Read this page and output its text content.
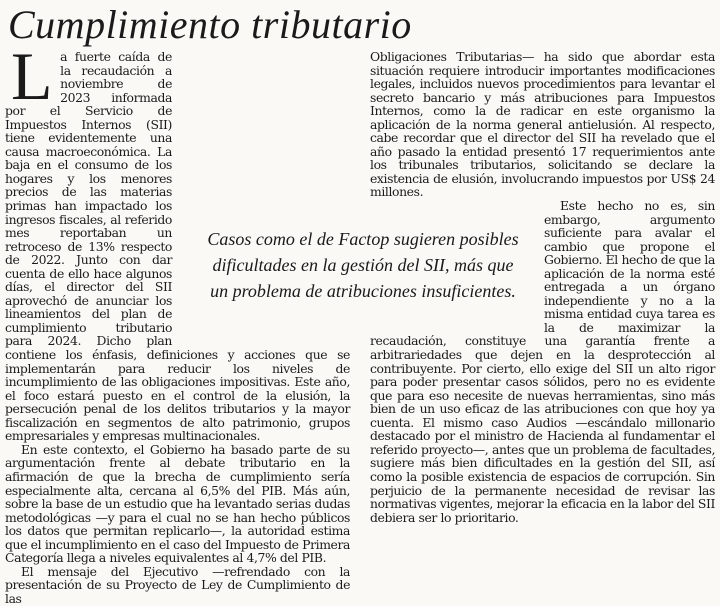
Cumplimiento tributario

La fuerte caída de la recaudación a noviembre de 2023 informada por el Servicio de Impuestos Internos (SII) tiene evidentemente una causa macroeconómica. La baja en el consumo de los hogares y los menores precios de las materias primas han impactado los ingresos fiscales, al referido mes reportaban un retroceso de 13% respecto de 2022. Junto con dar cuenta de ello hace algunos días, el director del SII aprovechó de anunciar los lineamientos del plan de cumplimiento tributario para 2024. Dicho plan contiene los énfasis, definiciones y acciones que se implementarán para reducir los niveles de incumplimiento de las obligaciones impositivas. Este año, el foco estará puesto en el control de la elusión, la persecución penal de los delitos tributarios y la mayor fiscalización en segmentos de alto patrimonio, grupos empresariales y empresas multinacionales.

En este contexto, el Gobierno ha basado parte de su argumentación frente al debate tributario en la afirmación de que la brecha de cumplimiento sería especialmente alta, cercana al 6,5% del PIB. Más aún, sobre la base de un estudio que ha levantado serias dudas metodológicas —y para el cual no se han hecho públicos los datos que permitan replicarlo—, la autoridad estima que el incumplimiento en el caso del Impuesto de Primera Categoría llega a niveles equivalentes al 4,7% del PIB.

El mensaje del Ejecutivo —refrendado con la presentación de su Proyecto de Ley de Cumplimiento de las

Obligaciones Tributarias— ha sido que abordar esta situación requiere introducir importantes modificaciones legales, incluidos nuevos procedimientos para levantar el secreto bancario y más atribuciones para Impuestos Internos, como la de radicar en este organismo la aplicación de la norma general antielusión. Al respecto, cabe recordar que el director del SII ha revelado que el año pasado la entidad presentó 17 requerimientos ante los tribunales tributarios, solicitando se declare la existencia de elusión, involucrando impuestos por US$ 24 millones.

Este hecho no es, sin embargo, argumento suficiente para avalar el cambio que propone el Gobierno. El hecho de que la aplicación de la norma esté entregada a un órgano independiente y no a la misma entidad cuya tarea es la de maximizar la recaudación, constituye una garantía frente a arbitrariedades que dejen en la desprotección al contribuyente. Por cierto, ello exige del SII un alto rigor para poder presentar casos sólidos, pero no es evidente que para eso necesite de nuevas herramientas, sino más bien de un uso eficaz de las atribuciones con que hoy ya cuenta. El mismo caso Audios —escándalo millonario destacado por el ministro de Hacienda al fundamentar el referido proyecto—, antes que un problema de facultades, sugiere más bien dificultades en la gestión del SII, así como la posible existencia de espacios de corrupción. Sin perjuicio de la permanente necesidad de revisar las normativas vigentes, mejorar la eficacia en la labor del SII debiera ser lo prioritario.

Casos como el de Factop sugieren posibles dificultades en la gestión del SII, más que un problema de atribuciones insuficientes.
